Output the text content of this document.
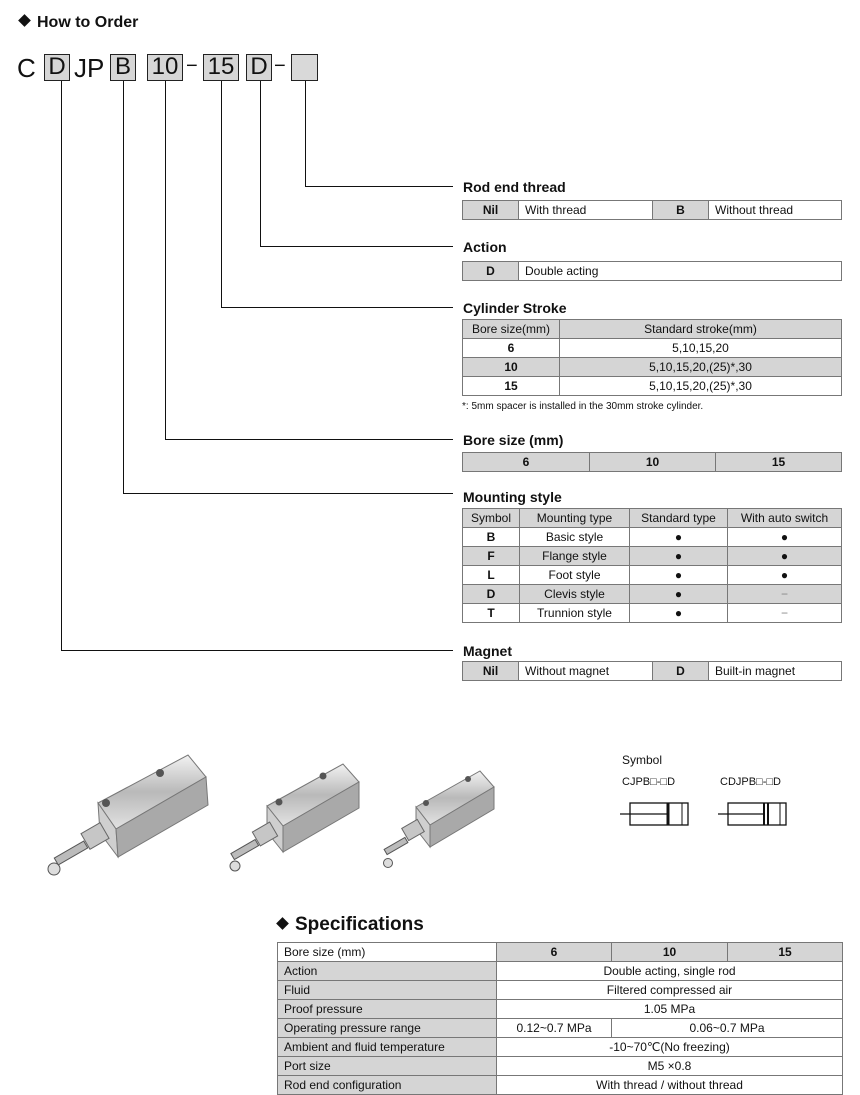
How to Order
C D JP B 10 − 15 D −
Rod end thread
Nil	With thread	B	Without thread
Action
D	Double acting
Cylinder Stroke
Bore size(mm)	Standard stroke(mm)
6	5,10,15,20
10	5,10,15,20,(25)*,30
15	5,10,15,20,(25)*,30
*: 5mm spacer is installed in the 30mm stroke cylinder.
Bore size (mm)
6	10	15
Mounting style
Symbol	Mounting type	Standard type	With auto switch
B	Basic style	●	●
F	Flange style	●	●
L	Foot style	●	●
D	Clevis style	●	−
T	Trunnion style	●	−
Magnet
Nil	Without magnet	D	Built-in magnet
Symbol
CJPB□-□D	CDJPB□-□D
Specifications
Bore size (mm)	6	10	15
Action	Double acting, single rod		
Fluid	Filtered compressed air		
Proof pressure	1.05 MPa		
Operating pressure range	0.12~0.7 MPa	0.06~0.7 MPa	
Ambient and fluid temperature	-10~70℃(No freezing)		
Port size	M5 ×0.8		
Rod end configuration	With thread / without thread		
